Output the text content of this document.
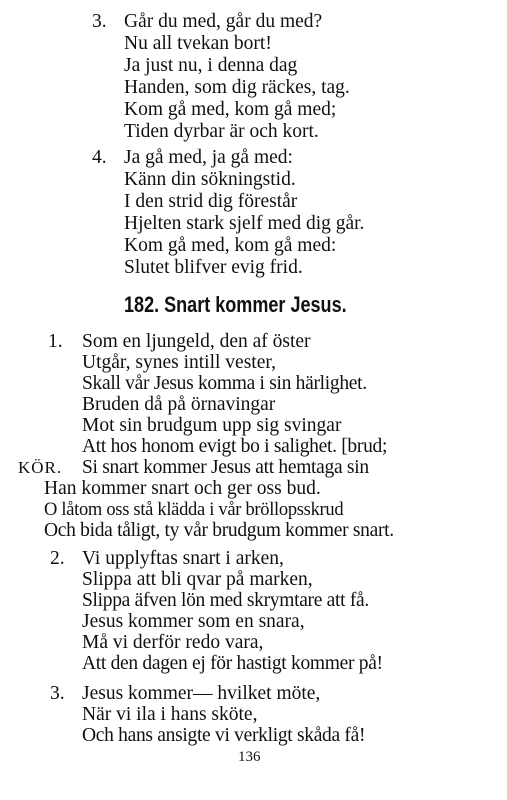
3. Går du med, går du med?
Nu all tvekan bort!
Ja just nu, i denna dag
Handen, som dig räckes, tag.
Kom gå med, kom gå med;
Tiden dyrbar är och kort.
4. Ja gå med, ja gå med:
Känn din sökningstid.
I den strid dig förestår
Hjelten stark sjelf med dig går.
Kom gå med, kom gå med:
Slutet blifver evig frid.
182. Snart kommer Jesus.
1. Som en ljungeld, den af öster
Utgår, synes intill vester,
Skall vår Jesus komma i sin härlighet.
Bruden då på örnavingar
Mot sin brudgum upp sig svingar
Att hos honom evigt bo i salighet. [brud;
KÖR. Si snart kommer Jesus att hemtaga sin
Han kommer snart och ger oss bud.
O låtom oss stå klädda i vår bröllopsskrud
Och bida tåligt, ty vår brudgum kommer snart.
2. Vi upplyftas snart i arken,
Slippa att bli qvar på marken,
Slippa äfven lön med skrymtare att få.
Jesus kommer som en snara,
Må vi derför redo vara,
Att den dagen ej för hastigt kommer på!
3. Jesus kommer— hvilket möte,
När vi ila i hans sköte,
Och hans ansigte vi verkligt skåda få!
136
